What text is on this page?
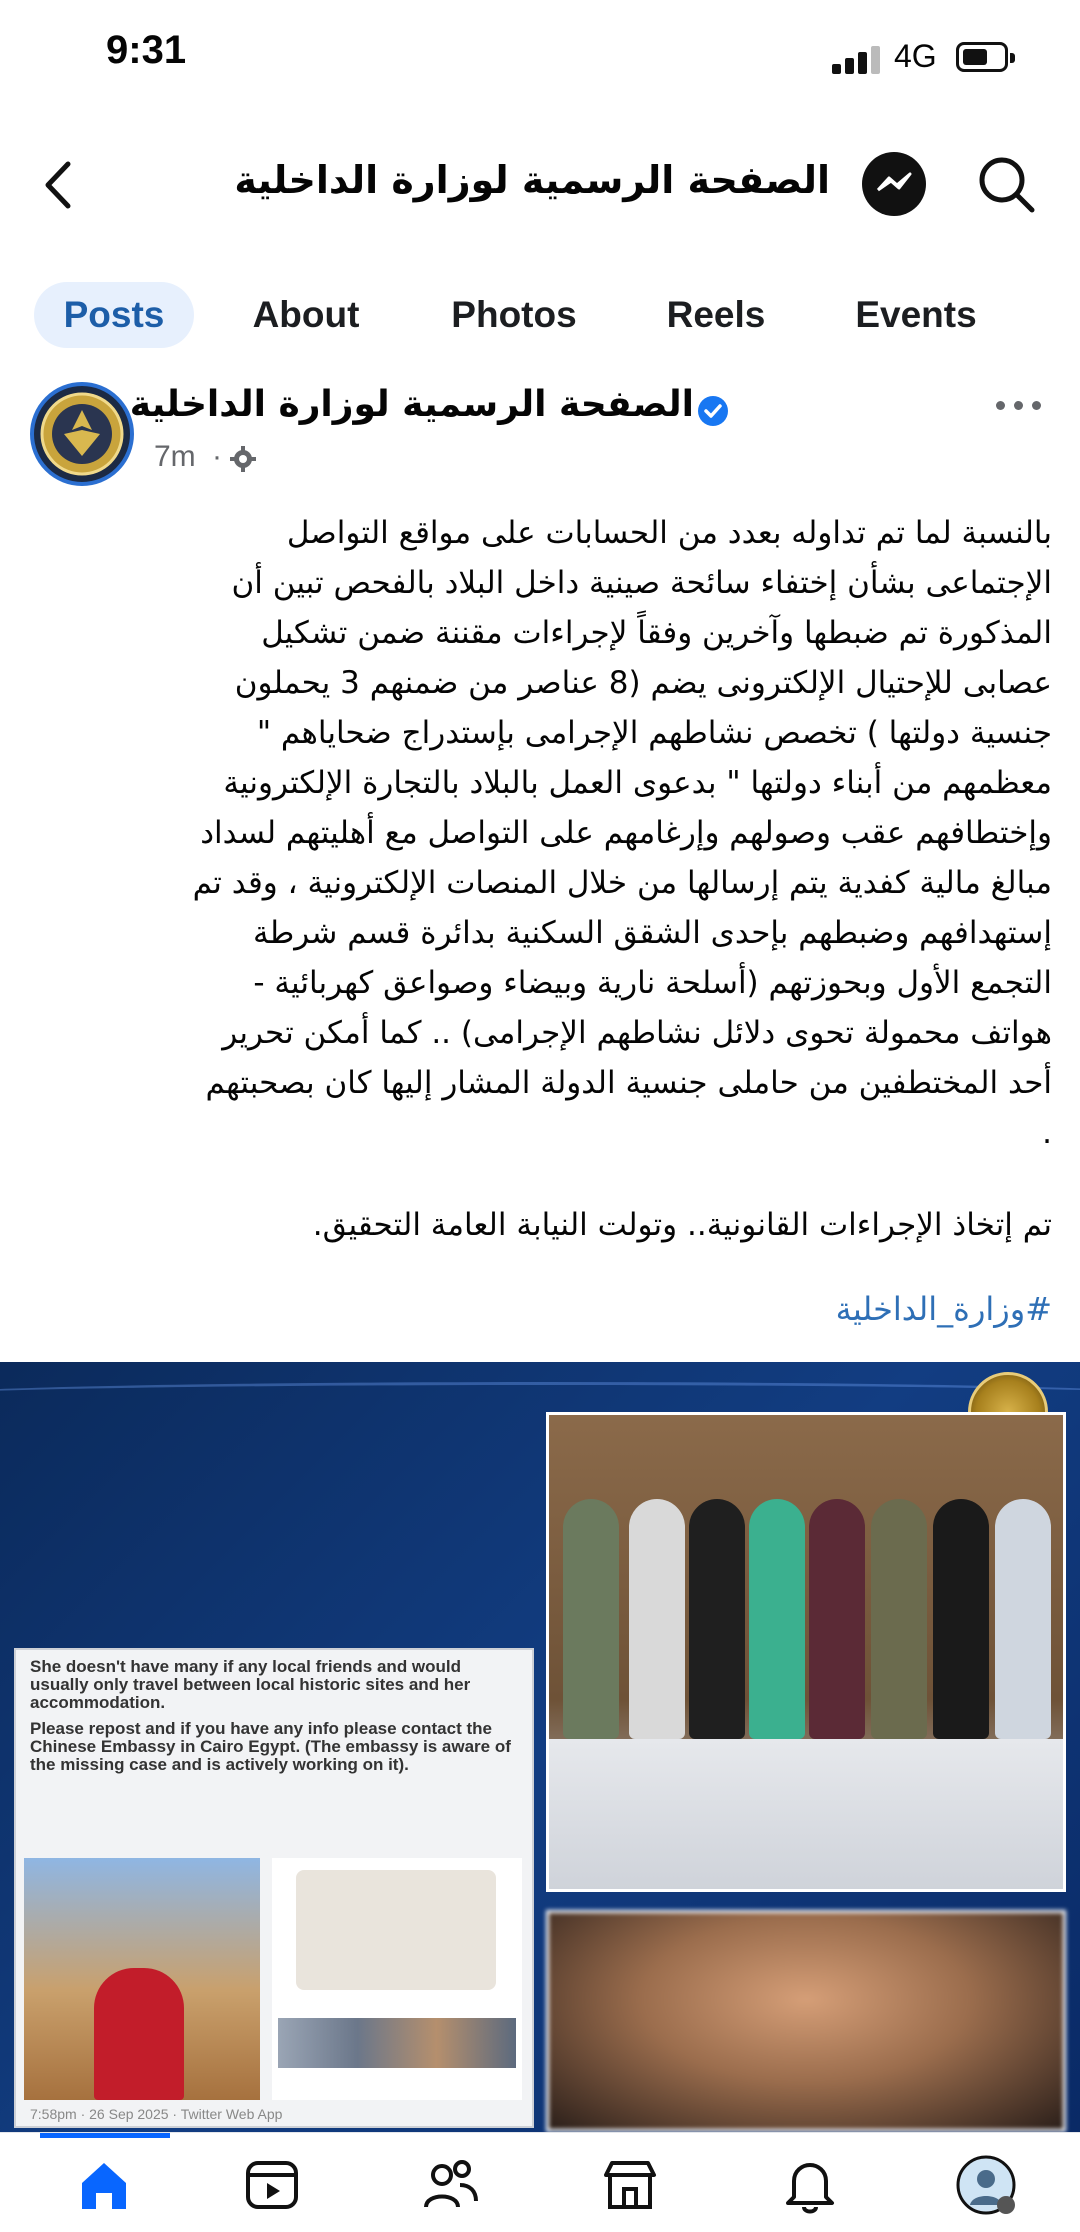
9:31	4G
الصفحة الرسمية لوزارة الداخلية
Posts	About	Photos	Reels	Events
الصفحة الرسمية لوزارة الداخلية
7m ·
بالنسبة لما تم تداوله بعدد من الحسابات على مواقع التواصل
الإجتماعى بشأن إختفاء سائحة صينية داخل البلاد بالفحص تبين أن
المذكورة تم ضبطها وآخرين وفقاً لإجراءات مقننة ضمن تشكيل
عصابى للإحتيال الإلكترونى يضم (8 عناصر من ضمنهم 3 يحملون
جنسية دولتها ) تخصص نشاطهم الإجرامى بإستدراج ضحاياهم "
معظمهم من أبناء دولتها " بدعوى العمل بالبلاد بالتجارة الإلكترونية
وإختطافهم عقب وصولهم وإرغامهم على التواصل مع أهليتهم لسداد
مبالغ مالية كفدية يتم إرسالها من خلال المنصات الإلكترونية ، وقد تم
إستهدافهم وضبطهم بإحدى الشقق السكنية بدائرة قسم شرطة
التجمع الأول وبحوزتهم (أسلحة نارية وبيضاء وصواعق كهربائية -
هواتف محمولة تحوى دلائل نشاطهم الإجرامى) .. كما أمكن تحرير
أحد المختطفين من حاملى جنسية الدولة المشار إليها كان بصحبتهم
.
تم إتخاذ الإجراءات القانونية.. وتولت النيابة العامة التحقيق.
#وزارة_الداخلية

She doesn't have many if any local friends and would usually only travel between local historic sites and her accommodation.

Please repost and if you have any info please contact the Chinese Embassy in Cairo Egypt. (The embassy is aware of the missing case and is actively working on it).

7:58pm · 26 Sep 2025 · Twitter Web App
